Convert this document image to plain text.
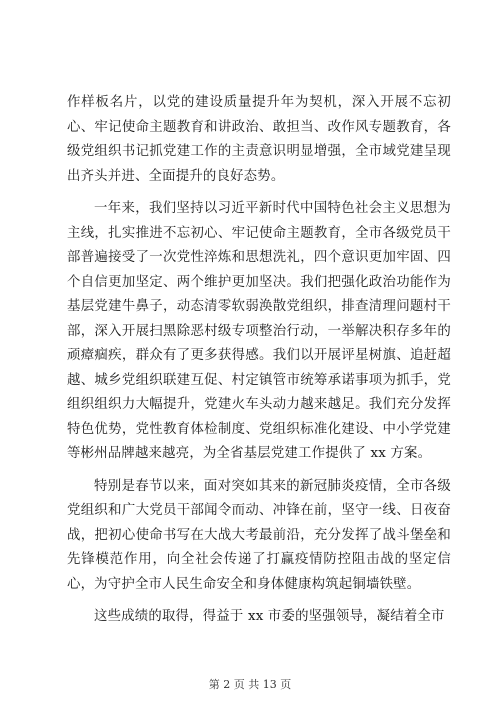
作样板名片，以党的建设质量提升年为契机，深入开展不忘初心、牢记使命主题教育和讲政治、敢担当、改作风专题教育，各级党组织书记抓党建工作的主责意识明显增强，全市域党建呈现出齐头并进、全面提升的良好态势。

一年来，我们坚持以习近平新时代中国特色社会主义思想为主线，扎实推进不忘初心、牢记使命主题教育，全市各级党员干部普遍接受了一次党性淬炼和思想洗礼，四个意识更加牢固、四个自信更加坚定、两个维护更加坚决。我们把强化政治功能作为基层党建牛鼻子，动态清零软弱涣散党组织，排查清理问题村干部，深入开展扫黑除恶村级专项整治行动，一举解决积存多年的顽瘴痼疾，群众有了更多获得感。我们以开展评星树旗、追赶超越、城乡党组织联建互促、村定镇管市统筹承诺事项为抓手，党组织组织力大幅提升，党建火车头动力越来越足。我们充分发挥特色优势，党性教育体检制度、党组织标准化建设、中小学党建等彬州品牌越来越亮，为全省基层党建工作提供了 xx 方案。

特别是春节以来，面对突如其来的新冠肺炎疫情，全市各级党组织和广大党员干部闻令而动、冲锋在前，坚守一线、日夜奋战，把初心使命书写在大战大考最前沿，充分发挥了战斗堡垒和先锋模范作用，向全社会传递了打赢疫情防控阻击战的坚定信心，为守护全市人民生命安全和身体健康构筑起铜墙铁壁。

这些成绩的取得，得益于 xx 市委的坚强领导，凝结着全市

第 2 页 共 13 页
